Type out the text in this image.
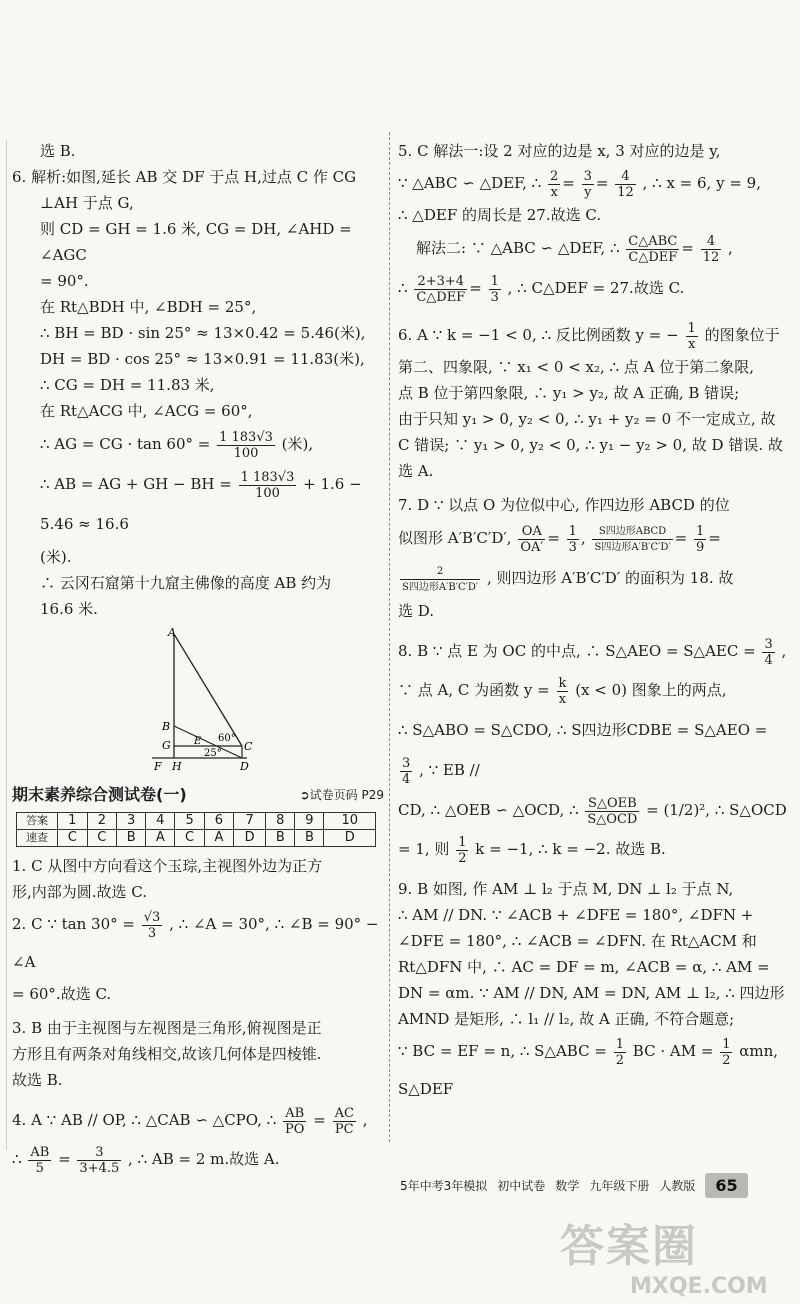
选 B.

6. 解析:如图,延长 AB 交 DF 于点 H,过点 C 作 CG

⊥AH 于点 G,

则 CD = GH = 1.6 米, CG = DH, ∠AHD = ∠AGC

= 90°.

在 Rt△BDH 中, ∠BDH = 25°,

∴ BH = BD · sin 25° ≈ 13×0.42 = 5.46(米),

DH = BD · cos 25° ≈ 13×0.91 = 11.83(米),

∴ CG = DH = 11.83 米,

在 Rt△ACG 中, ∠ACG = 60°,

∴ AG = CG · $\tan 60^\circ = \frac{1 183√3}{100}$ (米),

∴ AB = AG + GH − BH = $\frac{1 183√3}{100} + 1.6 - 5.46 \approx 16.6$

(米).

∴ 云冈石窟第十九窟主佛像的高度 AB 约为

16.6 米.

A
B
G E	C
F H	D
60°
25°
期末素养综合测试卷(一)	➲试卷页码 P29
答案	1	2	3	4	5	6	7	8	9	10
速查	C	C	B	A	C	A	D	B	B	D

1. C 从图中方向看这个玉琮,主视图外边为正方

形,内部为圆.故选 C.

2. C ∵ $\tan 30^\circ = \frac{√3}{3}$ , ∴ ∠A = 30°, ∴ ∠B = 90° − ∠A

= 60°.故选 C.

3. B 由于主视图与左视图是三角形,俯视图是正

方形且有两条对角线相交,故该几何体是四棱锥.

故选 B.

4. A ∵ AB // OP, ∴ △CAB ∽ △CPO, ∴ $\frac{AB}{PO} = \frac{AC}{PC}$ ,

∴ $\frac{AB}{5} = \frac{3}{3+4.5}$ , ∴ AB = 2 m.故选 A.

5. C 解法一:设 2 对应的边是 x, 3 对应的边是 y,

∵ △ABC ∽ △DEF, ∴ $\frac{2}{x} = \frac{3}{y} = \frac{4}{12}$ , ∴ x = 6, y = 9,

∴ △DEF 的周长是 27.故选 C.

解法二: ∵ △ABC ∽ △DEF, ∴ $\frac{\text{C△ABC}}{\text{C△DEF}} = \frac{4}{12}$ ,

∴ $\frac{2+3+4}{\text{C△DEF}} = \frac{1}{3}$ , ∴ C△DEF = 27.故选 C.

6. A ∵ k = −1 < 0, ∴ 反比例函数 y = − $\frac{1}{x}$ 的图象位于

第二、四象限, ∵ x₁ < 0 < x₂, ∴ 点 A 位于第二象限,

点 B 位于第四象限, ∴ y₁ > y₂, 故 A 正确, B 错误;

由于只知 y₁ > 0, y₂ < 0, ∴ y₁ + y₂ = 0 不一定成立, 故

C 错误; ∵ y₁ > 0, y₂ < 0, ∴ y₁ − y₂ > 0, 故 D 错误. 故

选 A.

7. D ∵ 以点 O 为位似中心, 作四边形 ABCD 的位

似图形 A′B′C′D′, $\frac{OA}{OA'} = \frac{1}{3}$ , $\frac{\text{S四边形ABCD}}{\text{S四边形A′B′C′D′}} = \frac{1}{9}$ =

$\frac{2}{\text{S四边形A′B′C′D′}}$ , 则四边形 A′B′C′D′ 的面积为 18. 故

选 D.

8. B ∵ 点 E 为 OC 的中点, ∴ S△AEO = S△AEC = $\frac{3}{4}$ ,

∵ 点 A, C 为函数 $y = \frac{k}{x} (x < 0)$ 图象上的两点,

∴ S△ABO = S△CDO, ∴ S四边形CDBE = S△AEO =
$\frac{3}{4}$ , ∵ EB //

CD, ∴ △OEB ∽ △OCD, ∴ $\frac{\text{S△OEB}}{\text{S△OCD}} = (1/2)^2$, ∴ S△OCD

= 1, 则 $\frac{1}{2}$ k = −1, ∴ k = −2. 故选 B.

9. B 如图, 作 AM ⊥ l₂ 于点 M, DN ⊥ l₂ 于点 N,

∴ AM // DN. ∵ ∠ACB + ∠DFE = 180°, ∠DFN +

∠DFE = 180°, ∴ ∠ACB = ∠DFN. 在 Rt△ACM 和

Rt△DFN 中, ∴ AC = DF = m, ∠ACB = α, ∴ AM =

DN = αm. ∵ AM // DN, AM = DN, AM ⊥ l₂, ∴ 四边形

AMND 是矩形, ∴ l₁ // l₂, 故 A 正确, 不符合题意;

∵ BC = EF = n, ∴ S△ABC = $\frac{1}{2}$ BC · AM = $\frac{1}{2} \alpha mn$, S△DEF

5年中考3年模拟 初中试卷 数学 九年级下册 人教版	65
答案圈
MXQE.COM
